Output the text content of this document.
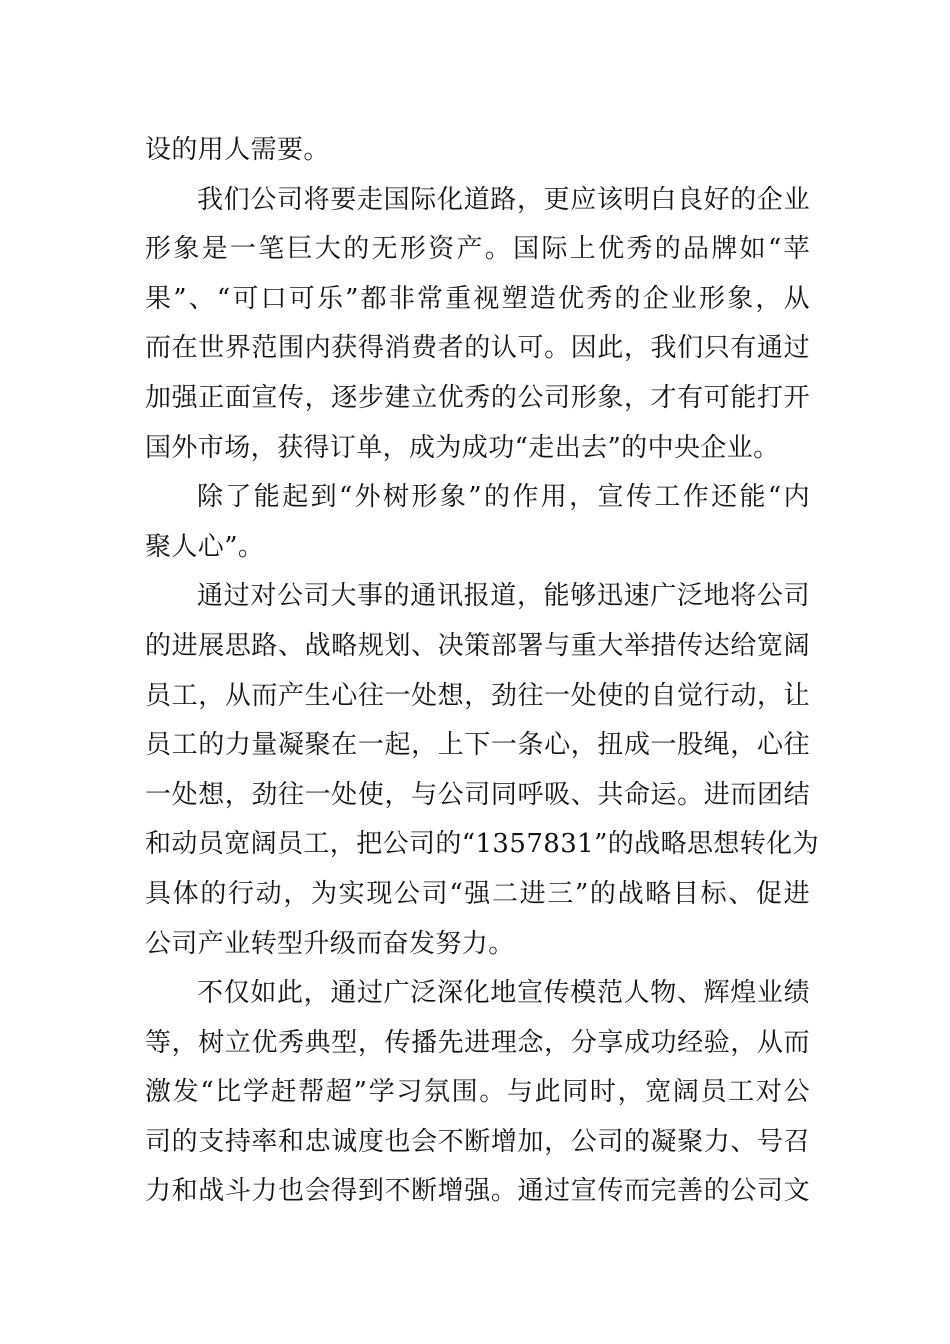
设的用人需要。

我们公司将要走国际化道路，更应该明白良好的企业
形象是一笔巨大的无形资产。国际上优秀的品牌如“苹
果”、“可口可乐”都非常重视塑造优秀的企业形象，从
而在世界范围内获得消费者的认可。因此，我们只有通过
加强正面宣传，逐步建立优秀的公司形象，才有可能打开
国外市场，获得订单，成为成功“走出去”的中央企业。

除了能起到“外树形象”的作用，宣传工作还能“内
聚人心”。

通过对公司大事的通讯报道，能够迅速广泛地将公司
的进展思路、战略规划、决策部署与重大举措传达给宽阔
员工，从而产生心往一处想，劲往一处使的自觉行动，让
员工的力量凝聚在一起，上下一条心，扭成一股绳，心往
一处想，劲往一处使，与公司同呼吸、共命运。进而团结
和动员宽阔员工，把公司的“1357831”的战略思想转化为
具体的行动，为实现公司“强二进三”的战略目标、促进
公司产业转型升级而奋发努力。

不仅如此，通过广泛深化地宣传模范人物、辉煌业绩
等，树立优秀典型，传播先进理念，分享成功经验，从而
激发“比学赶帮超”学习氛围。与此同时，宽阔员工对公
司的支持率和忠诚度也会不断增加，公司的凝聚力、号召
力和战斗力也会得到不断增强。通过宣传而完善的公司文
